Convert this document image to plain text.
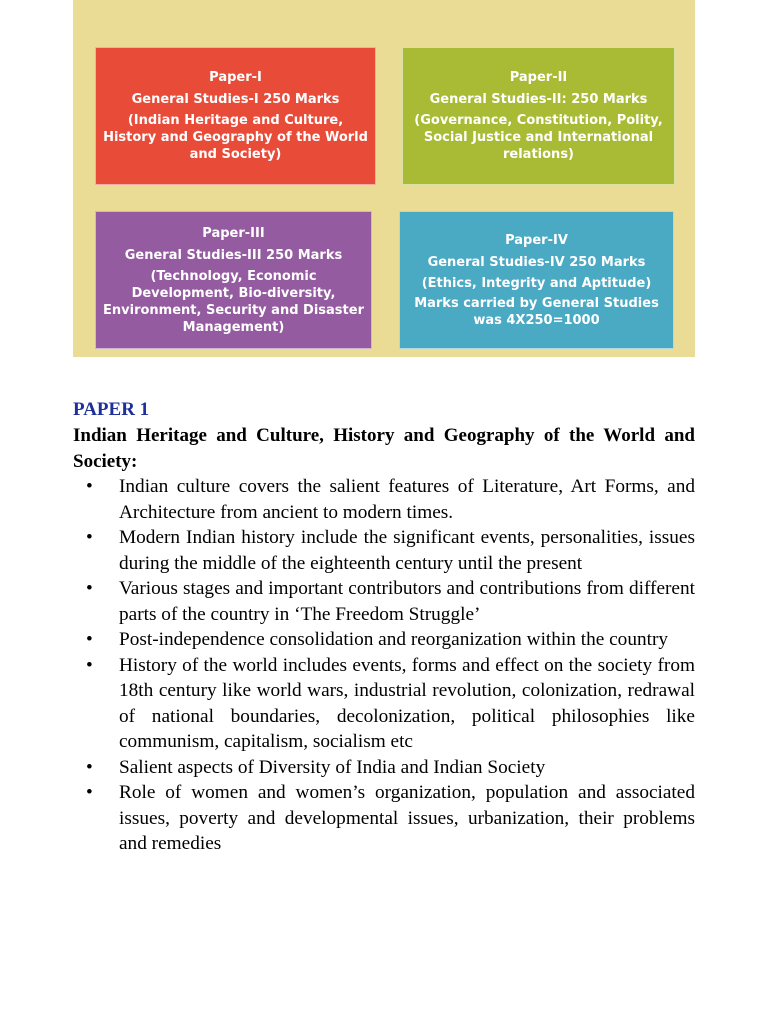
Paper-I
General Studies-I 250 Marks
(Indian Heritage and Culture, History and Geography of the World and Society)
Paper-II
General Studies-II: 250 Marks
(Governance, Constitution, Polity, Social Justice and International relations)
Paper-III
General Studies-III 250 Marks
(Technology, Economic Development, Bio-diversity, Environment, Security and Disaster Management)
Paper-IV
General Studies-IV 250 Marks
(Ethics, Integrity and Aptitude)
Marks carried by General Studies was 4X250=1000
PAPER 1
Indian Heritage and Culture, History and Geography of the World and Society:
• Indian culture covers the salient features of Literature, Art Forms, and Architecture from ancient to modern times.
• Modern Indian history include the significant events, personalities, issues during the middle of the eighteenth century until the present
• Various stages and important contributors and contributions from different parts of the country in ‘The Freedom Struggle’
• Post-independence consolidation and reorganization within the country
• History of the world includes events, forms and effect on the society from 18th century like world wars, industrial revolution, colonization, redrawal of national boundaries, decolonization, political philosophies like communism, capitalism, socialism etc
• Salient aspects of Diversity of India and Indian Society
• Role of women and women’s organization, population and associated issues, poverty and developmental issues, urbanization, their problems and remedies
